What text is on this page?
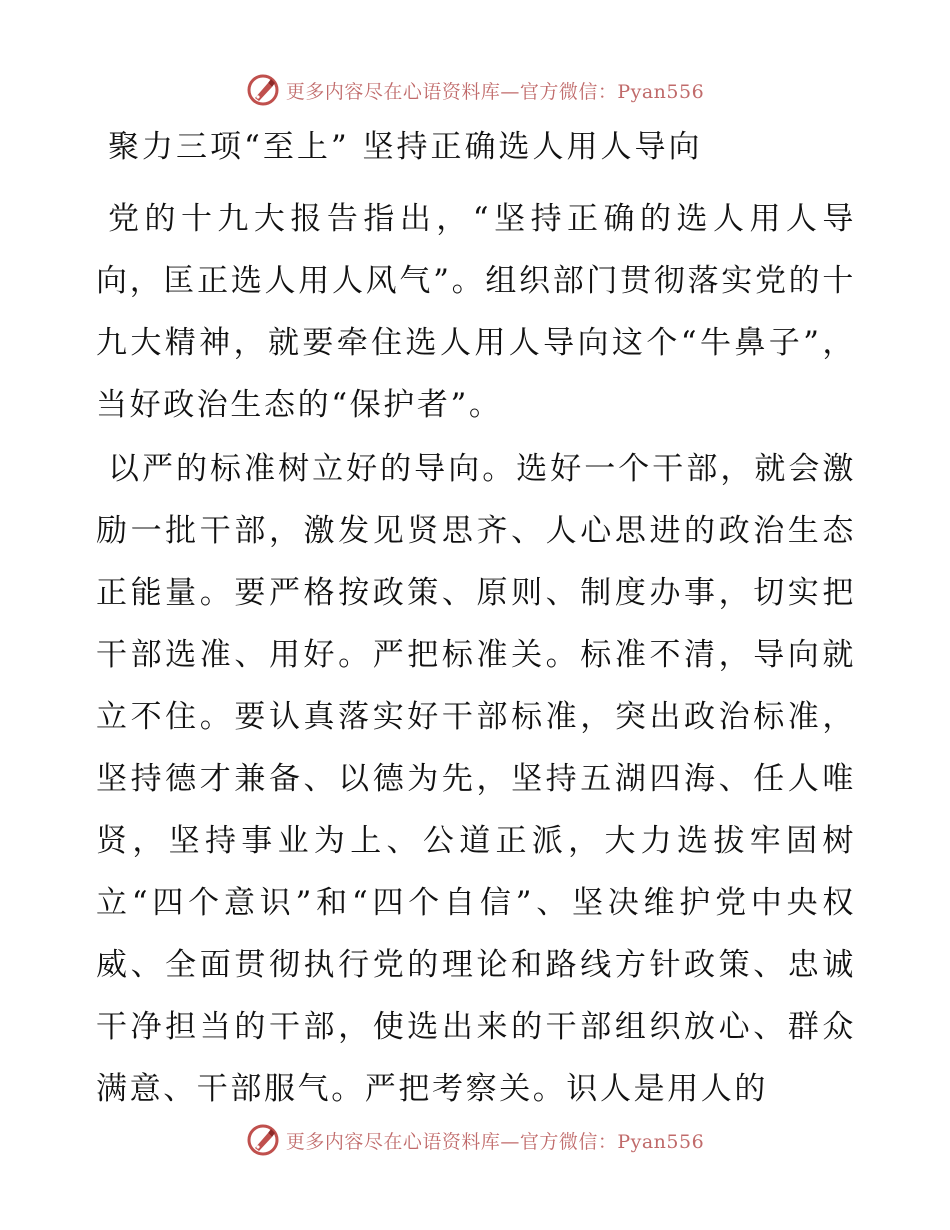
更多内容尽在心语资料库—官方微信：Pyan556
聚力三项“至上” 坚持正确选人用人导向
党的十九大报告指出，“坚持正确的选人用人导向，匡正选人用人风气”。组织部门贯彻落实党的十九大精神，就要牵住选人用人导向这个“牛鼻子”，当好政治生态的“保护者”。
以严的标准树立好的导向。选好一个干部，就会激励一批干部，激发见贤思齐、人心思进的政治生态正能量。要严格按政策、原则、制度办事，切实把干部选准、用好。严把标准关。标准不清，导向就立不住。要认真落实好干部标准，突出政治标准，坚持德才兼备、以德为先，坚持五湖四海、任人唯贤，坚持事业为上、公道正派，大力选拔牢固树立“四个意识”和“四个自信”、坚决维护党中央权威、全面贯彻执行党的理论和路线方针政策、忠诚干净担当的干部，使选出来的干部组织放心、群众满意、干部服气。严把考察关。识人是用人的
更多内容尽在心语资料库—官方微信：Pyan556
